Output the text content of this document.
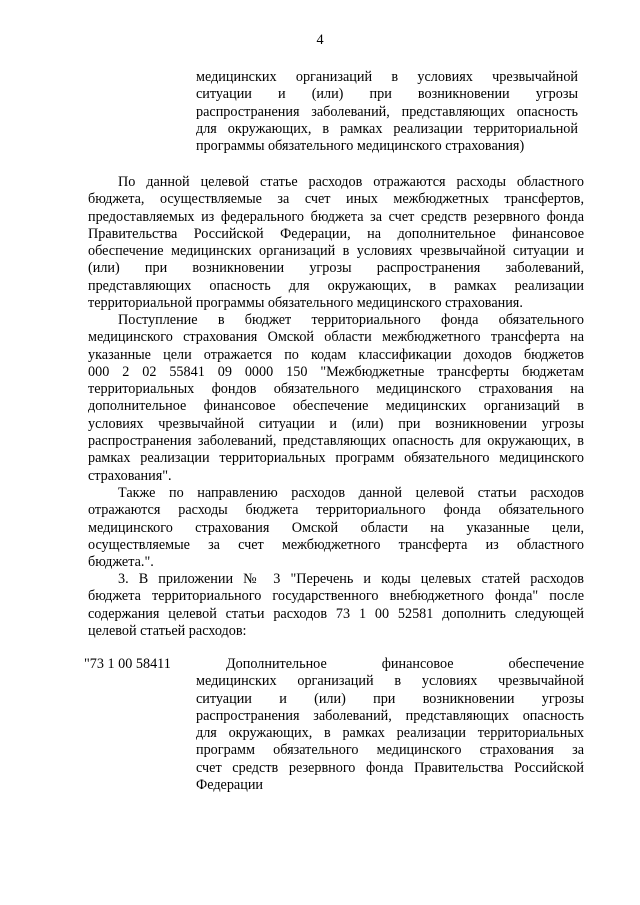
4
медицинских организаций в условиях чрезвычайной
ситуации и (или) при возникновении угрозы
распространения заболеваний, представляющих опасность
для окружающих, в рамках реализации территориальной
программы обязательного медицинского страхования)
По данной целевой статье расходов отражаются расходы областного
бюджета, осуществляемые за счет иных межбюджетных трансфертов,
предоставляемых из федерального бюджета за счет средств резервного фонда
Правительства Российской Федерации, на дополнительное финансовое
обеспечение медицинских организаций в условиях чрезвычайной ситуации и
(или) при возникновении угрозы распространения заболеваний,
представляющих опасность для окружающих, в рамках реализации
территориальной программы обязательного медицинского страхования.
Поступление в бюджет территориального фонда обязательного
медицинского страхования Омской области межбюджетного трансферта на
указанные цели отражается по кодам классификации доходов бюджетов
000 2 02 55841 09 0000 150 "Межбюджетные трансферты бюджетам
территориальных фондов обязательного медицинского страхования на
дополнительное финансовое обеспечение медицинских организаций в
условиях чрезвычайной ситуации и (или) при возникновении угрозы
распространения заболеваний, представляющих опасность для окружающих, в
рамках реализации территориальных программ обязательного медицинского
страхования".
Также по направлению расходов данной целевой статьи расходов
отражаются расходы бюджета территориального фонда обязательного
медицинского страхования Омской области на указанные цели,
осуществляемые за счет межбюджетного трансферта из областного
бюджета.".
3. В приложении № 3 "Перечень и коды целевых статей расходов
бюджета территориального государственного внебюджетного фонда" после
содержания целевой статьи расходов 73 1 00 52581 дополнить следующей
целевой статьей расходов:
"73 1 00 58411	Дополнительное финансовое обеспечение
медицинских организаций в условиях чрезвычайной
ситуации и (или) при возникновении угрозы
распространения заболеваний, представляющих опасность
для окружающих, в рамках реализации территориальных
программ обязательного медицинского страхования за
счет средств резервного фонда Правительства Российской
Федерации
